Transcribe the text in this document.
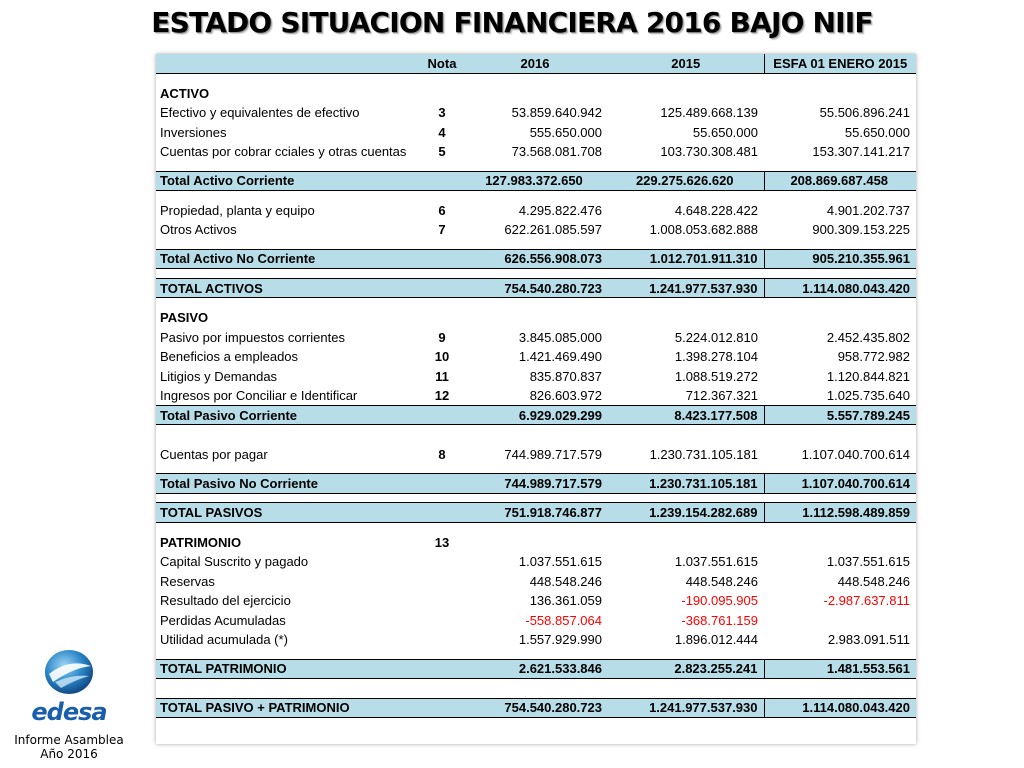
ESTADO SITUACION FINANCIERA 2016 BAJO NIIF
	Nota	2016	2015	ESFA 01 ENERO 2015

ACTIVO				
Efectivo y equivalentes de efectivo	3	53.859.640.942	125.489.668.139	55.506.896.241
Inversiones	4	555.650.000	55.650.000	55.650.000
Cuentas por cobrar cciales y otras cuentas	5	73.568.081.708	103.730.308.481	153.307.141.217

Total Activo Corriente		127.983.372.650	229.275.626.620	208.869.687.458

Propiedad, planta y equipo	6	4.295.822.476	4.648.228.422	4.901.202.737
Otros Activos	7	622.261.085.597	1.008.053.682.888	900.309.153.225

Total Activo No Corriente		626.556.908.073	1.012.701.911.310	905.210.355.961

TOTAL ACTIVOS		754.540.280.723	1.241.977.537.930	1.114.080.043.420

PASIVO				
Pasivo por impuestos corrientes	9	3.845.085.000	5.224.012.810	2.452.435.802
Beneficios a empleados	10	1.421.469.490	1.398.278.104	958.772.982
Litigios y Demandas	11	835.870.837	1.088.519.272	1.120.844.821
Ingresos por Conciliar e Identificar	12	826.603.972	712.367.321	1.025.735.640
Total Pasivo Corriente		6.929.029.299	8.423.177.508	5.557.789.245

Cuentas por pagar	8	744.989.717.579	1.230.731.105.181	1.107.040.700.614

Total Pasivo No Corriente		744.989.717.579	1.230.731.105.181	1.107.040.700.614

TOTAL PASIVOS		751.918.746.877	1.239.154.282.689	1.112.598.489.859

PATRIMONIO	13			
Capital Suscrito y pagado		1.037.551.615	1.037.551.615	1.037.551.615
Reservas		448.548.246	448.548.246	448.548.246
Resultado del ejercicio		136.361.059	-190.095.905	-2.987.637.811
Perdidas Acumuladas		-558.857.064	-368.761.159	
Utilidad acumulada (*)		1.557.929.990	1.896.012.444	2.983.091.511

TOTAL PATRIMONIO		2.621.533.846	2.823.255.241	1.481.553.561

TOTAL PASIVO + PATRIMONIO		754.540.280.723	1.241.977.537.930	1.114.080.043.420
edesa
Informe Asamblea
Año 2016
